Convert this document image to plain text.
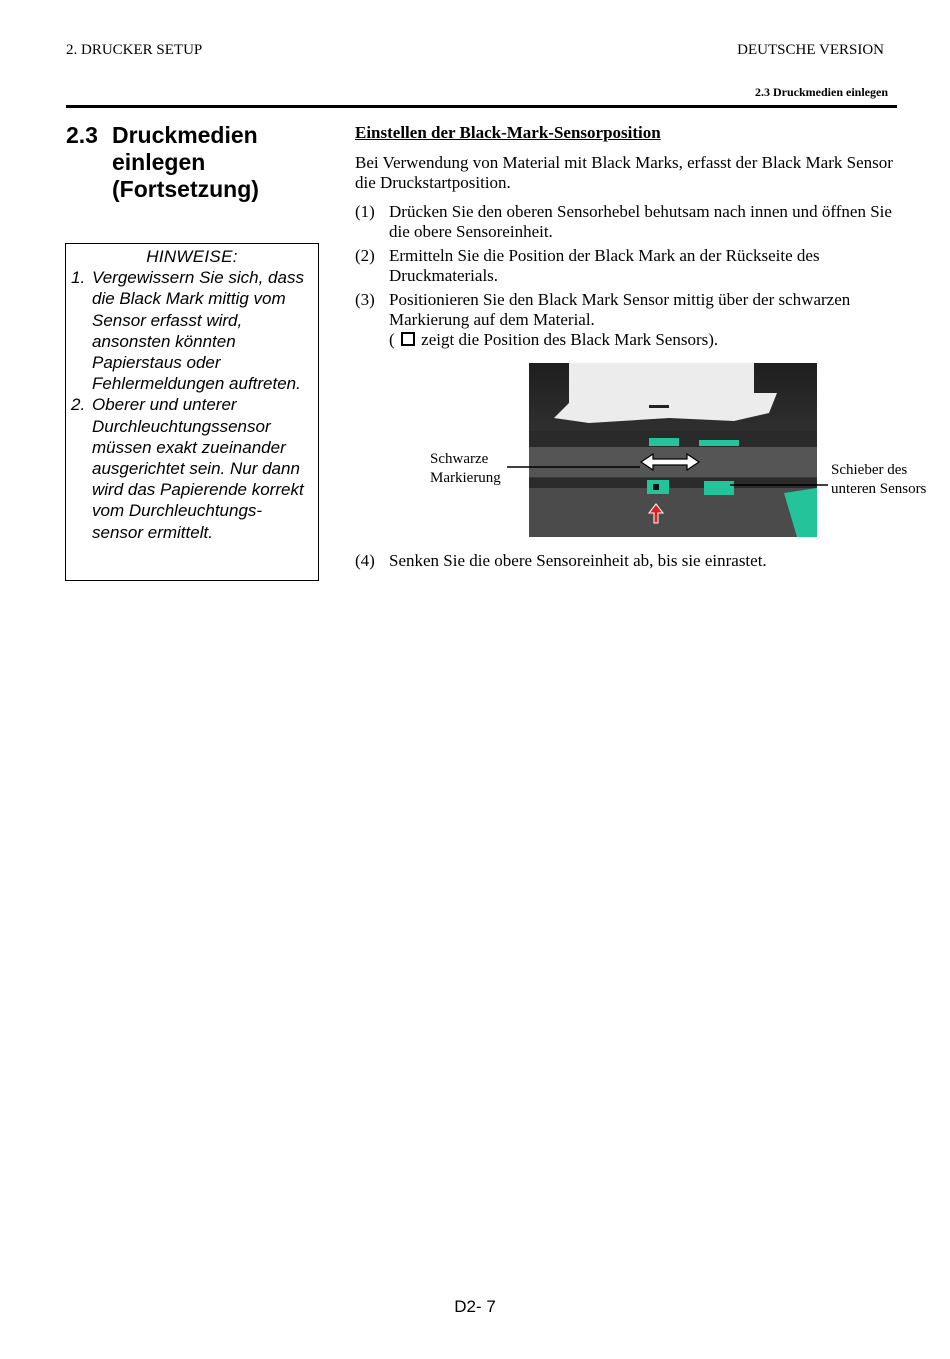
2. DRUCKER SETUP	DEUTSCHE VERSION
2.3 Druckmedien einlegen
2.3 Druckmedien
einlegen
(Fortsetzung)
HINWEISE:
1. Vergewissern Sie sich, dass
die Black Mark mittig vom
Sensor erfasst wird,
ansonsten könnten
Papierstaus oder
Fehlermeldungen auftreten.
2. Oberer und unterer
Durchleuchtungssensor
müssen exakt zueinander
ausgerichtet sein. Nur dann
wird das Papierende korrekt
vom Durchleuchtungs-
sensor ermittelt.
Einstellen der Black-Mark-Sensorposition
Bei Verwendung von Material mit Black Marks, erfasst der Black Mark Sensor die Druckstartposition.
(1) Drücken Sie den oberen Sensorhebel behutsam nach innen und öffnen Sie die obere Sensoreinheit.
(2) Ermitteln Sie die Position der Black Mark an der Rückseite des Druckmaterials.
(3) Positionieren Sie den Black Mark Sensor mittig über der schwarzen Markierung auf dem Material.
( zeigt die Position des Black Mark Sensors).
Schwarze
Markierung	Schieber des
unteren Sensors
(4) Senken Sie die obere Sensoreinheit ab, bis sie einrastet.
D2- 7
